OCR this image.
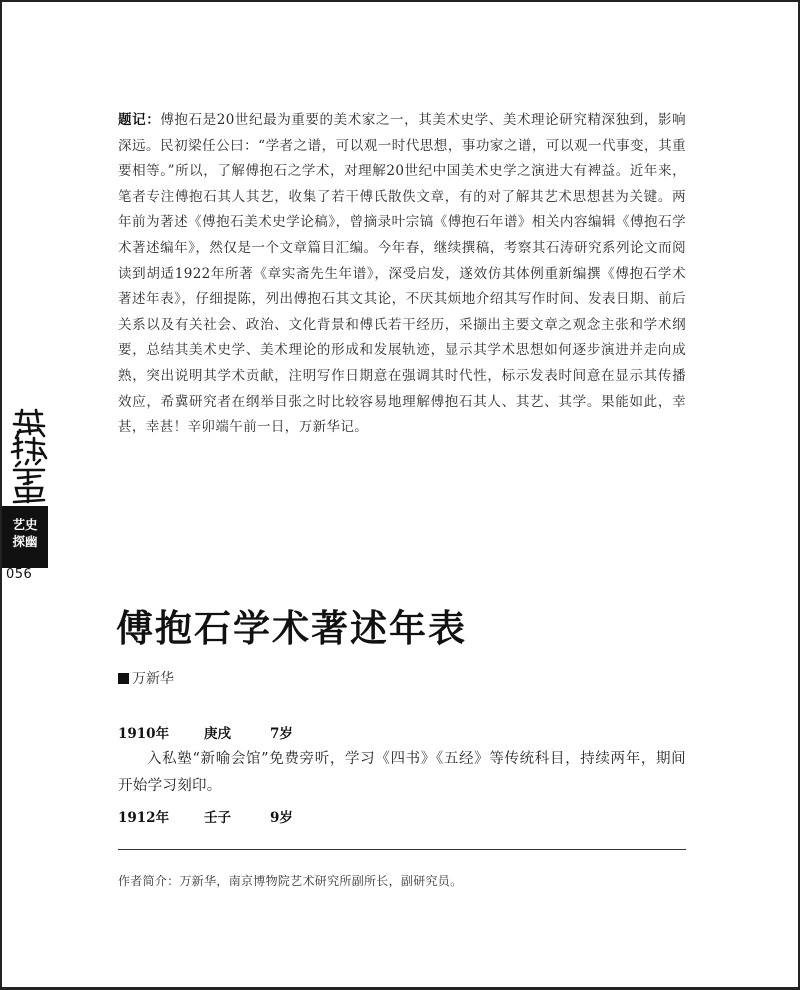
题记：傅抱石是20世纪最为重要的美术家之一，其美术史学、美术理论研究精深独到，影响深远。民初梁任公曰：“学者之谱，可以观一时代思想，事功家之谱，可以观一代事变，其重要相等。”所以，了解傅抱石之学术，对理解20世纪中国美术史学之演进大有裨益。近年来，笔者专注傅抱石其人其艺，收集了若干傅氏散佚文章，有的对了解其艺术思想甚为关键。两年前为著述《傅抱石美术史学论稿》，曾摘录叶宗镐《傅抱石年谱》相关内容编辑《傅抱石学术著述编年》，然仅是一个文章篇目汇编。今年春，继续撰稿，考察其石涛研究系列论文而阅读到胡适1922年所著《章实斋先生年谱》，深受启发，遂效仿其体例重新编撰《傅抱石学术著述年表》，仔细提陈，列出傅抱石其文其论，不厌其烦地介绍其写作时间、发表日期、前后关系以及有关社会、政治、文化背景和傅氏若干经历，采撷出主要文章之观念主张和学术纲要，总结其美术史学、美术理论的形成和发展轨迹，显示其学术思想如何逐步演进并走向成熟，突出说明其学术贡献，注明写作日期意在强调其时代性，标示发表时间意在显示其传播效应，希冀研究者在纲举目张之时比较容易地理解傅抱石其人、其艺、其学。果能如此，幸甚，幸甚！辛卯端午前一日，万新华记。

藝術學界
艺史
探幽
056
傅抱石学术著述年表
万新华
1910年	庚戌	7岁

入私塾“新喻会馆”免费旁听，学习《四书》《五经》等传统科目，持续两年，期间开始学习刻印。

1912年	壬子	9岁
作者简介：万新华，南京博物院艺术研究所副所长，副研究员。
